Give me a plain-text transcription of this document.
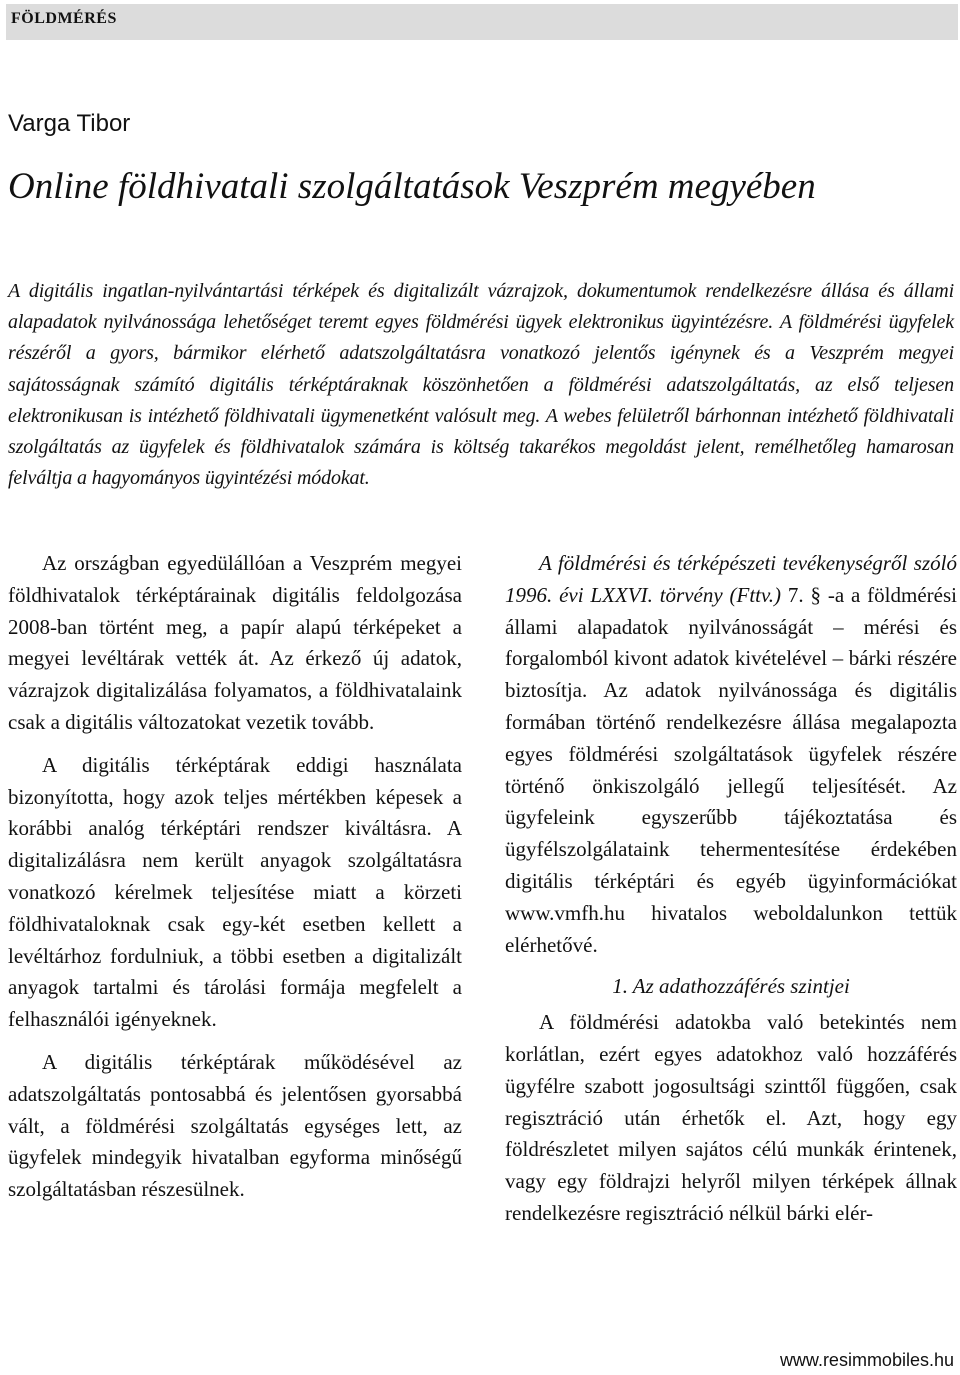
FÖLDMÉRÉS
Varga Tibor
Online földhivatali szolgáltatások Veszprém megyében

A digitális ingatlan-nyilvántartási térképek és digitalizált vázrajzok, dokumentumok rendelkezésre állása és állami alapadatok nyilvánossága lehetőséget teremt egyes földmérési ügyek elektronikus ügyintézésre. A földmérési ügyfelek részéről a gyors, bármikor elérhető adatszolgáltatásra vonatkozó jelentős igénynek és a Veszprém megyei sajátosságnak számító digitális térképtáraknak köszönhetően a földmérési adatszolgáltatás, az első teljesen elektronikusan is intézhető földhivatali ügymenetként valósult meg. A webes felületről bárhonnan intézhető földhivatali szolgáltatás az ügyfelek és földhivatalok számára is költség takarékos megoldást jelent, remélhetőleg hamarosan felváltja a hagyományos ügyintézési módokat.

Az országban egyedülállóan a Veszprém megyei földhivatalok térképtárainak digitális feldolgozása 2008-ban történt meg, a papír alapú térképeket a megyei levéltárak vették át. Az érkező új adatok, vázrajzok digitalizálása folyamatos, a földhivatalaink csak a digitális változatokat vezetik tovább.

A digitális térképtárak eddigi használata bizonyította, hogy azok teljes mértékben képesek a korábbi analóg térképtári rendszer kiváltásra. A digitalizálásra nem került anyagok szolgáltatásra vonatkozó kérelmek teljesítése miatt a körzeti földhivataloknak csak egy-két esetben kellett a levéltárhoz fordulniuk, a többi esetben a digitalizált anyagok tartalmi és tárolási formája megfelelt a felhasználói igényeknek.

A digitális térképtárak működésével az adatszolgáltatás pontosabbá és jelentősen gyorsabbá vált, a földmérési szolgáltatás egységes lett, az ügyfelek mindegyik hivatalban egyforma minőségű szolgáltatásban részesülnek.

A földmérési és térképészeti tevékenységről szóló 1996. évi LXXVI. törvény (Fttv.) 7. § -a a földmérési állami alapadatok nyilvánosságát – mérési és forgalomból kivont adatok kivételével – bárki részére biztosítja. Az adatok nyilvánossága és digitális formában történő rendelkezésre állása megalapozta egyes földmérési szolgáltatások ügyfelek részére történő önkiszolgáló jellegű teljesítését. Az ügyfeleink egyszerűbb tájékoztatása és ügyfélszolgálataink tehermentesítése érdekében digitális térképtári és egyéb ügyinformációkat www.vmfh.hu hivatalos weboldalunkon tettük elérhetővé.

1. Az adathozzáférés szintjei

A földmérési adatokba való betekintés nem korlátlan, ezért egyes adatokhoz való hozzáférés ügyfélre szabott jogosultsági szinttől függően, csak regisztráció után érhetők el. Azt, hogy egy földrészletet milyen sajátos célú munkák érintenek, vagy egy földrajzi helyről milyen térképek állnak rendelkezésre regisztráció nélkül bárki elér-

www.resimmobiles.hu
